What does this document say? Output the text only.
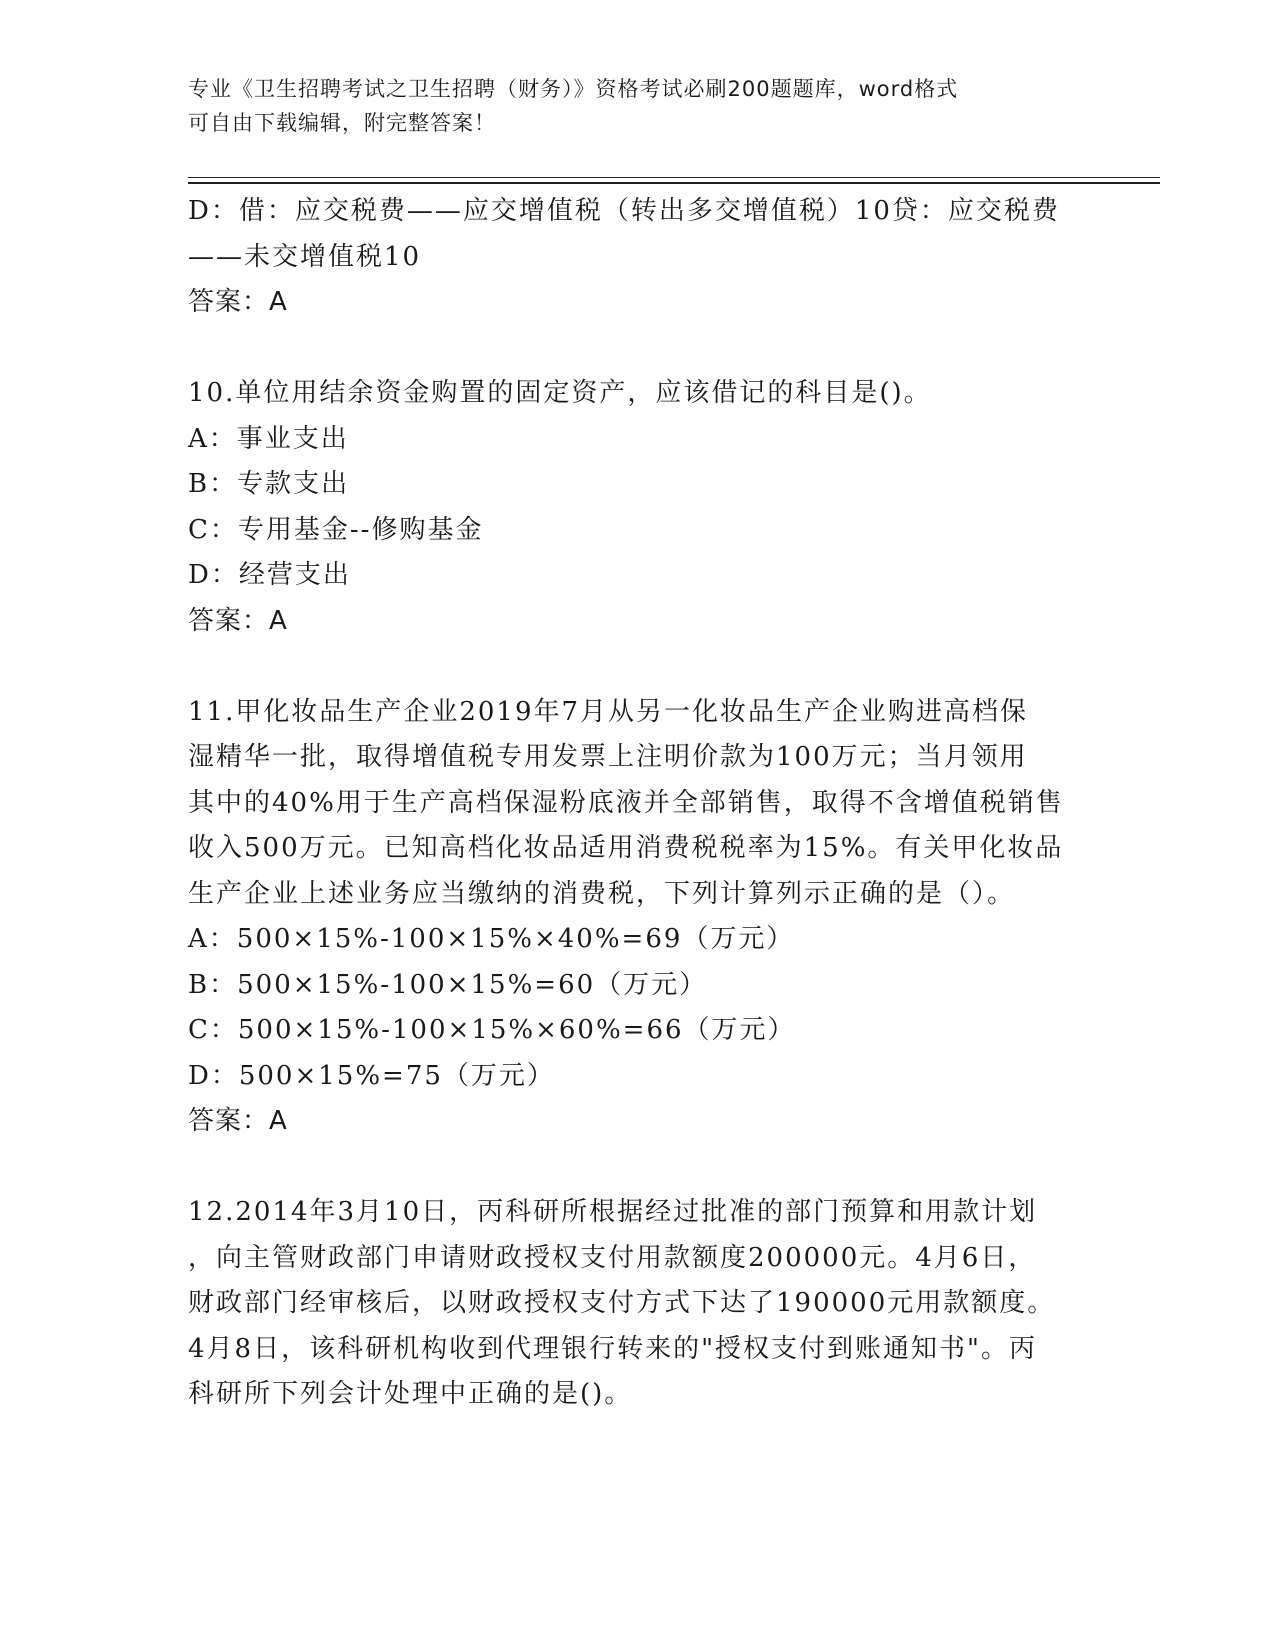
专业《卫生招聘考试之卫生招聘（财务）》资格考试必刷200题题库，word格式
可自由下载编辑，附完整答案！
D：借：应交税费——应交增值税（转出多交增值税）10贷：应交税费
——未交增值税10
答案：A
10.单位用结余资金购置的固定资产，应该借记的科目是()。
A：事业支出
B：专款支出
C：专用基金--修购基金
D：经营支出
答案：A
11.甲化妆品生产企业2019年7月从另一化妆品生产企业购进高档保
湿精华一批，取得增值税专用发票上注明价款为100万元；当月领用
其中的40%用于生产高档保湿粉底液并全部销售，取得不含增值税销售
收入500万元。已知高档化妆品适用消费税税率为15%。有关甲化妆品
生产企业上述业务应当缴纳的消费税，下列计算列示正确的是（）。
A：500×15%-100×15%×40%=69（万元）
B：500×15%-100×15%=60（万元）
C：500×15%-100×15%×60%=66（万元）
D：500×15%=75（万元）
答案：A
12.2014年3月10日，丙科研所根据经过批准的部门预算和用款计划
，向主管财政部门申请财政授权支付用款额度200000元。4月6日，
财政部门经审核后，以财政授权支付方式下达了190000元用款额度。
4月8日，该科研机构收到代理银行转来的"授权支付到账通知书"。丙
科研所下列会计处理中正确的是()。
